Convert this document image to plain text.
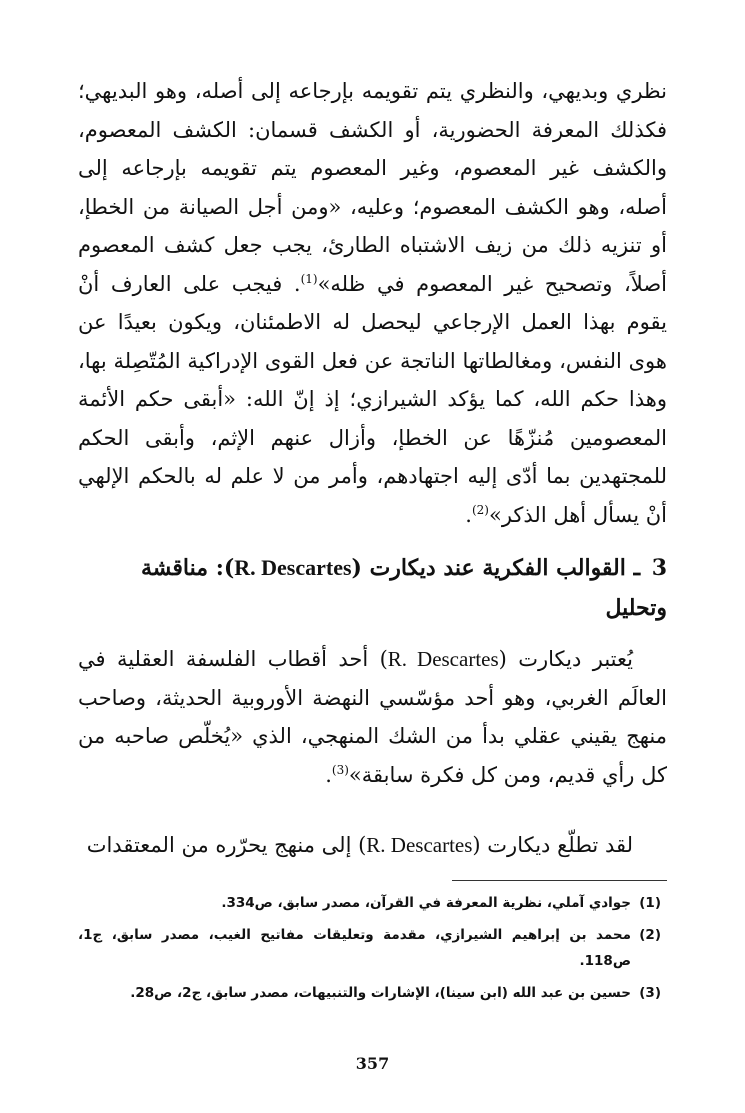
نظري وبديهي، والنظري يتم تقويمه بإرجاعه إلى أصله، وهو البديهي؛ فكذلك المعرفة الحضورية، أو الكشف قسمان: الكشف المعصوم، والكشف غير المعصوم، وغير المعصوم يتم تقويمه بإرجاعه إلى أصله، وهو الكشف المعصوم؛ وعليه، «ومن أجل الصيانة من الخطإ، أو تنزيه ذلك من زيف الاشتباه الطارئ، يجب جعل كشف المعصوم أصلاً، وتصحيح غير المعصوم في ظله»$^{(1)}$. فيجب على العارف أنْ يقوم بهذا العمل الإرجاعي ليحصل له الاطمئنان، ويكون بعيدًا عن هوى النفس، ومغالطاتها الناتجة عن فعل القوى الإدراكية المُتّصِلة بها، وهذا حكم الله، كما يؤكد الشيرازي؛ إذ إنّ الله: «أبقى حكم الأئمة المعصومين مُنزّهًا عن الخطإ، وأزال عنهم الإثم، وأبقى الحكم للمجتهدين بما أدّى إليه اجتهادهم، وأمر من لا علم له بالحكم الإلهي أنْ يسأل أهل الذكر»$^{(2)}$.

3 ـ القوالب الفكرية عند ديكارت (R. Descartes): مناقشة وتحليل

يُعتبر ديكارت (R. Descartes) أحد أقطاب الفلسفة العقلية في العالَم الغربي، وهو أحد مؤسّسي النهضة الأوروبية الحديثة، وصاحب منهج يقيني عقلي بدأ من الشك المنهجي، الذي «يُخلّص صاحبه من كل رأي قديم، ومن كل فكرة سابقة»$^{(3)}$.

لقد تطلّع ديكارت (R. Descartes) إلى منهج يحرّره من المعتقدات

(1)
جوادي آملي، نظرية المعرفة في القرآن، مصدر سابق، ص334.
(2)
محمد بن إبراهيم الشيرازي، مقدمة وتعليقات مفاتيح الغيب، مصدر سابق، ج1، ص118.
(3)
حسين بن عبد الله (ابن سينا)، الإشارات والتنبيهات، مصدر سابق، ج2، ص28.
357
